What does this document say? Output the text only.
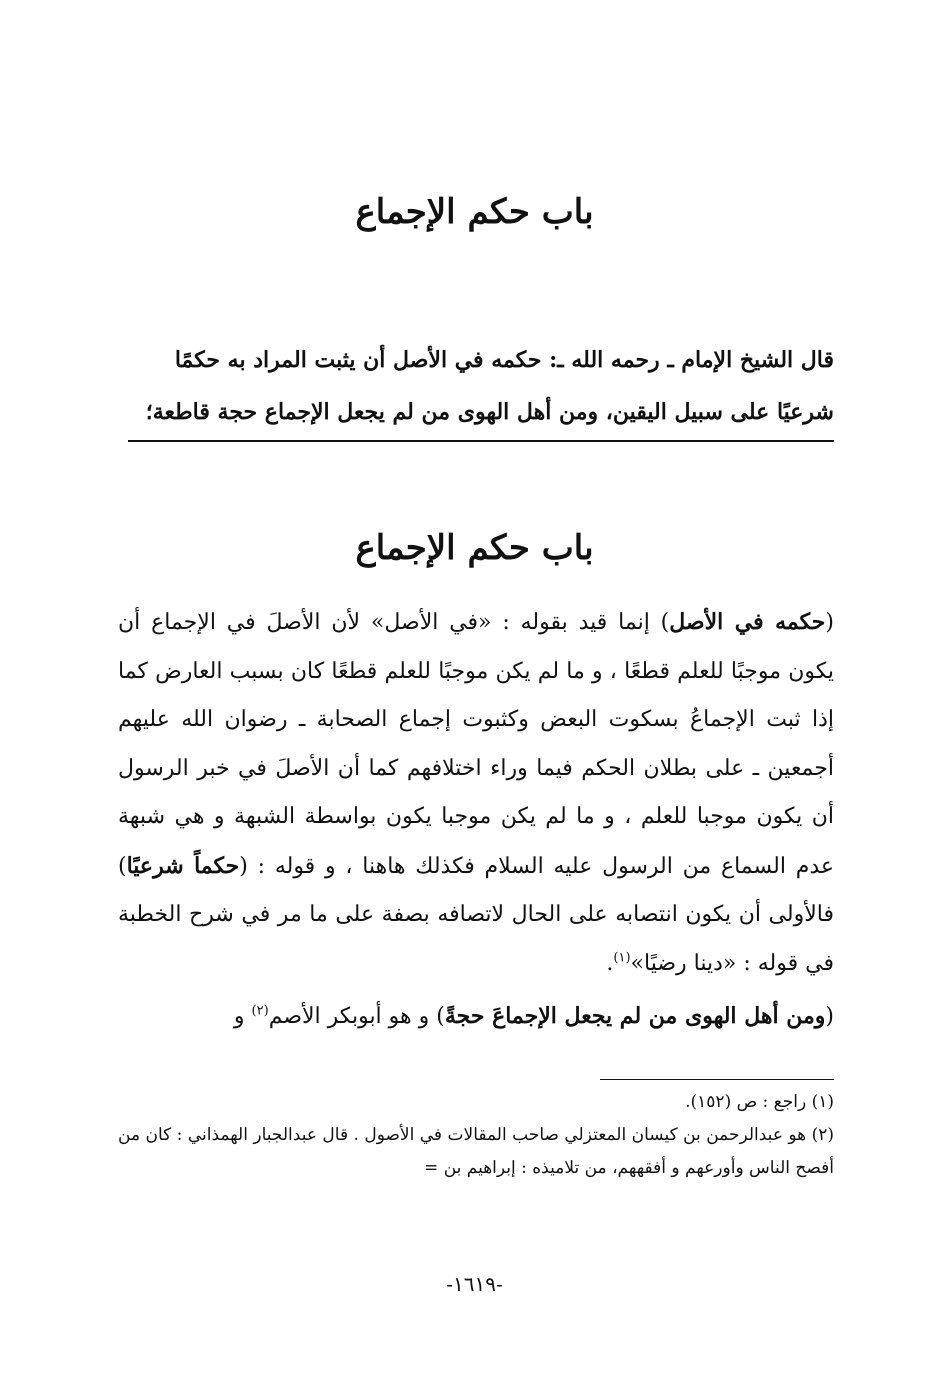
باب حكم الإجماع

قال الشيخ الإمام ـ رحمه الله ـ: حكمه في الأصل أن يثبت المراد به حكمًا

شرعيًا على سبيل اليقين، ومن أهل الهوى من لم يجعل الإجماع حجة قاطعة؛

باب حكم الإجماع

(حكمه في الأصل) إنما قيد بقوله : «في الأصل» لأن الأصلَ في الإجماع أن يكون موجبًا للعلم قطعًا ، و ما لم يكن موجبًا للعلم قطعًا كان بسبب العارض كما إذا ثبت الإجماعُ بسكوت البعض وكثبوت إجماع الصحابة ـ رضوان الله عليهم أجمعين ـ على بطلان الحكم فيما وراء اختلافهم كما أن الأصلَ في خبر الرسول أن يكون موجبا للعلم ، و ما لم يكن موجبا يكون بواسطة الشبهة و هي شبهة عدم السماع من الرسول عليه السلام فكذلك هاهنا ، و قوله : (حكماً شرعيًا) فالأولى أن يكون انتصابه على الحال لاتصافه بصفة على ما مر في شرح الخطبة في قوله : «دينا رضيًا»$^{(١)}$.

(ومن أهل الهوى من لم يجعل الإجماعَ حجةً) و هو أبوبكر الأصم$^{(٢)}$ و

(١) راجع : ص (١٥٢).

(٢) هو عبدالرحمن بن كيسان المعتزلي صاحب المقالات في الأصول . قال عبدالجبار الهمذاني : كان من أفصح الناس وأورعهم و أفقههم، من تلاميذه : إبراهيم بن =

-١٦١٩-
